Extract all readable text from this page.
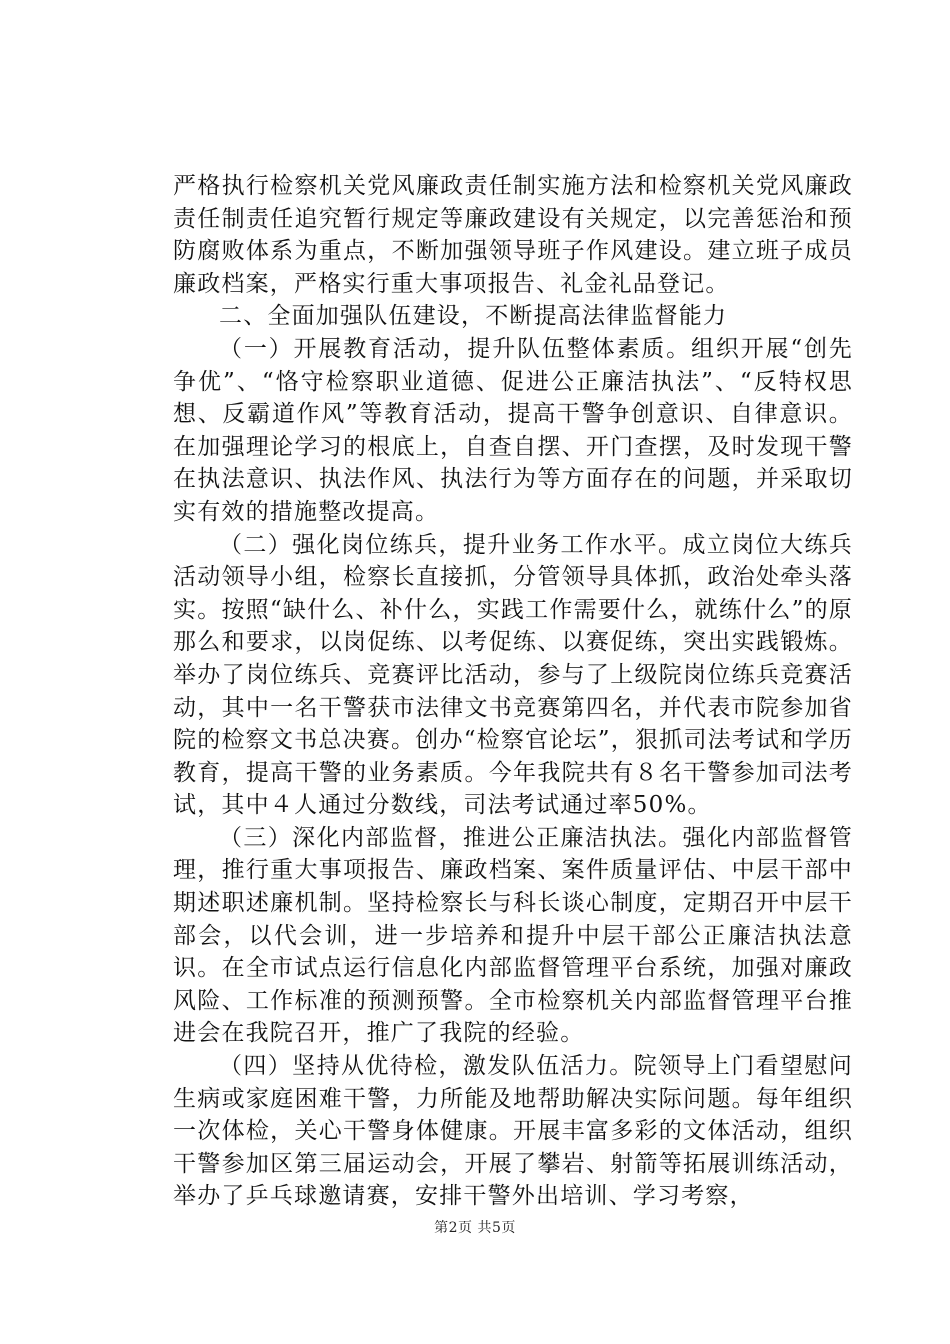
严格执行检察机关党风廉政责任制实施方法和检察机关党风廉政责任制责任追究暂行规定等廉政建设有关规定，以完善惩治和预防腐败体系为重点，不断加强领导班子作风建设。建立班子成员廉政档案，严格实行重大事项报告、礼金礼品登记。

二、全面加强队伍建设，不断提高法律监督能力

（一）开展教育活动，提升队伍整体素质。组织开展“创先争优”、“恪守检察职业道德、促进公正廉洁执法”、“反特权思想、反霸道作风”等教育活动，提高干警争创意识、自律意识。在加强理论学习的根底上，自查自摆、开门查摆，及时发现干警在执法意识、执法作风、执法行为等方面存在的问题，并采取切实有效的措施整改提高。

（二）强化岗位练兵，提升业务工作水平。成立岗位大练兵活动领导小组，检察长直接抓，分管领导具体抓，政治处牵头落实。按照“缺什么、补什么，实践工作需要什么，就练什么”的原那么和要求，以岗促练、以考促练、以赛促练，突出实践锻炼。举办了岗位练兵、竞赛评比活动，参与了上级院岗位练兵竞赛活动，其中一名干警获市法律文书竞赛第四名，并代表市院参加省院的检察文书总决赛。创办“检察官论坛”，狠抓司法考试和学历教育，提高干警的业务素质。今年我院共有８名干警参加司法考试，其中４人通过分数线，司法考试通过率50%。

（三）深化内部监督，推进公正廉洁执法。强化内部监督管理，推行重大事项报告、廉政档案、案件质量评估、中层干部中期述职述廉机制。坚持检察长与科长谈心制度，定期召开中层干部会，以代会训，进一步培养和提升中层干部公正廉洁执法意识。在全市试点运行信息化内部监督管理平台系统，加强对廉政风险、工作标准的预测预警。全市检察机关内部监督管理平台推进会在我院召开，推广了我院的经验。

（四）坚持从优待检，激发队伍活力。院领导上门看望慰问生病或家庭困难干警，力所能及地帮助解决实际问题。每年组织一次体检，关心干警身体健康。开展丰富多彩的文体活动，组织干警参加区第三届运动会，开展了攀岩、射箭等拓展训练活动，举办了乒乓球邀请赛，安排干警外出培训、学习考察，

第2页 共5页
